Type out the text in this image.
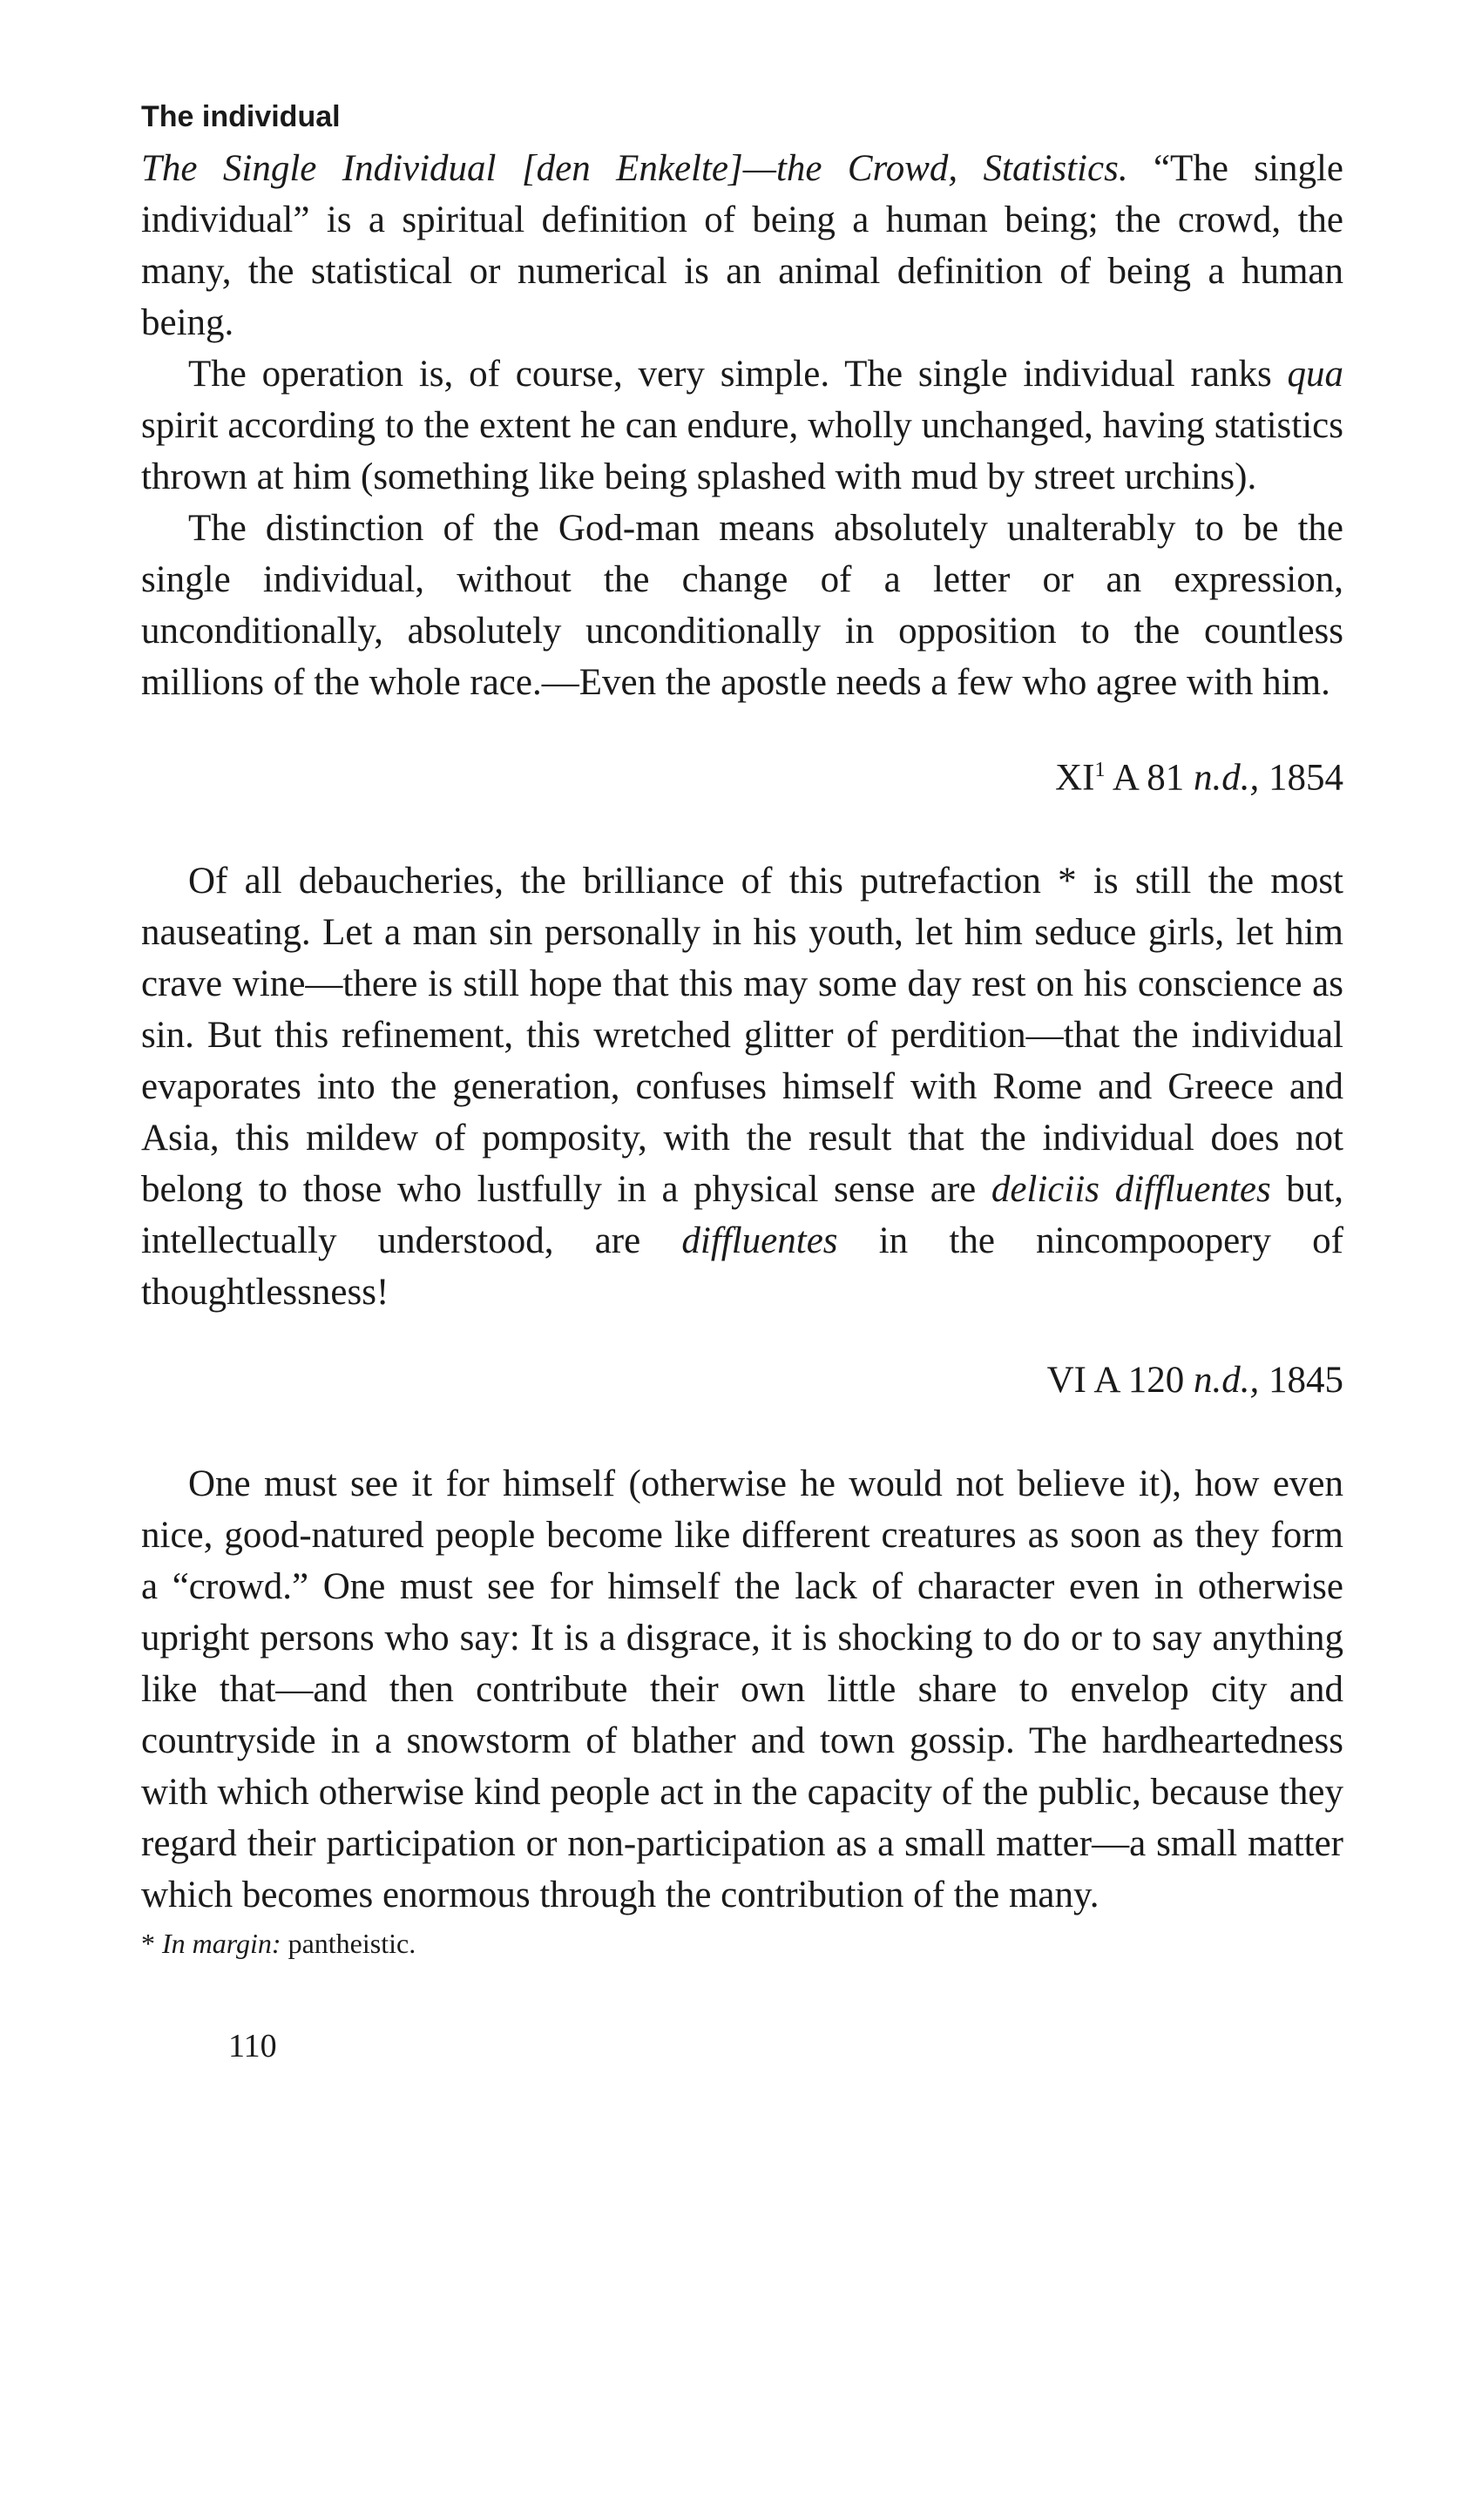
The individual

The Single Individual [den Enkelte]—the Crowd, Statistics. “The single individual” is a spiritual definition of being a human being; the crowd, the many, the statistical or numerical is an animal definition of being a human being.

The operation is, of course, very simple. The single individual ranks qua spirit according to the extent he can endure, wholly unchanged, having statistics thrown at him (something like being splashed with mud by street urchins).

The distinction of the God-man means absolutely unalterably to be the single individual, without the change of a letter or an expression, unconditionally, absolutely unconditionally in opposition to the countless millions of the whole race.—Even the apostle needs a few who agree with him.

$XI^1$ A 81 n.d., 1854

Of all debaucheries, the brilliance of this putrefaction * is still the most nauseating. Let a man sin personally in his youth, let him seduce girls, let him crave wine—there is still hope that this may some day rest on his conscience as sin. But this refinement, this wretched glitter of perdition—that the individual evaporates into the generation, confuses himself with Rome and Greece and Asia, this mildew of pomposity, with the result that the individual does not belong to those who lustfully in a physical sense are deliciis diffluentes but, intellectually understood, are diffluentes in the nincompoopery of thoughtlessness!

VI A 120 n.d., 1845

One must see it for himself (otherwise he would not believe it), how even nice, good-natured people become like different creatures as soon as they form a “crowd.” One must see for himself the lack of character even in otherwise upright persons who say: It is a disgrace, it is shocking to do or to say anything like that—and then contribute their own little share to envelop city and countryside in a snowstorm of blather and town gossip. The hardheartedness with which otherwise kind people act in the capacity of the public, because they regard their participation or non-participation as a small matter—a small matter which becomes enormous through the contribution of the many.

* In margin: pantheistic.

110
